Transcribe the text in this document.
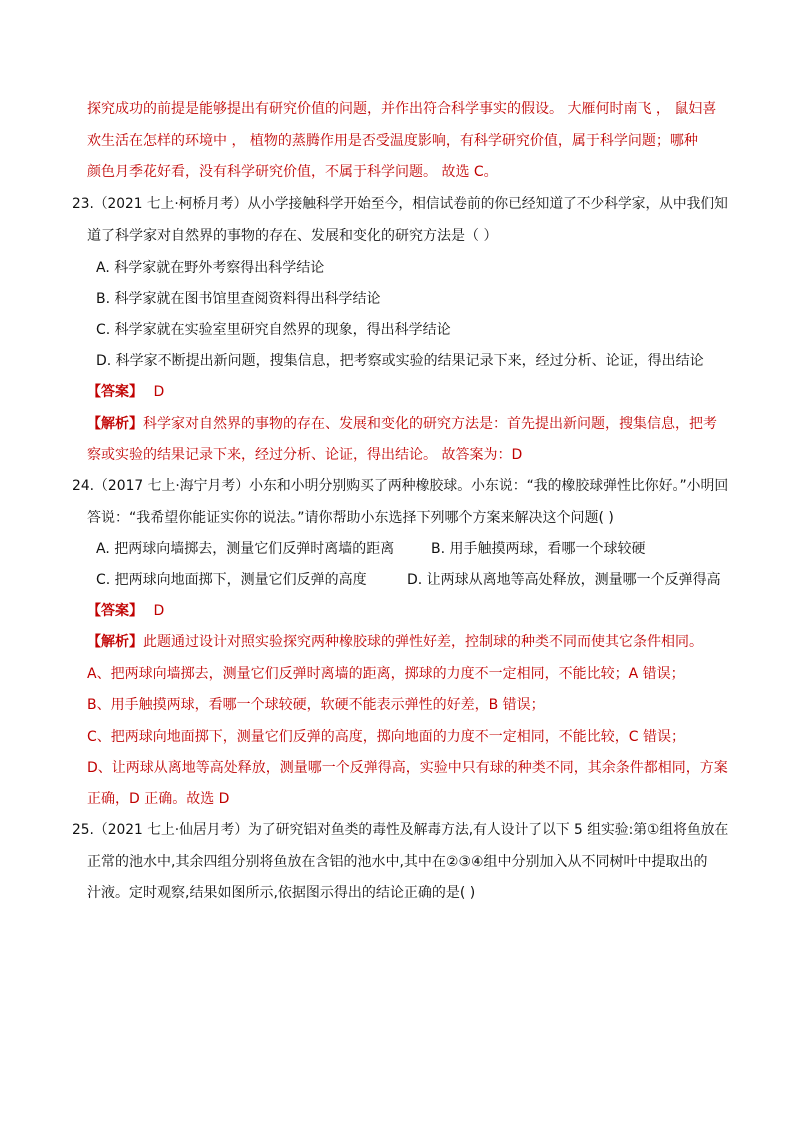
探究成功的前提是能够提出有研究价值的问题，并作出符合科学事实的假设。 大雁何时南飞 ， 鼠妇喜
欢生活在怎样的环境中 ， 植物的蒸腾作用是否受温度影响，有科学研究价值，属于科学问题；哪种
颜色月季花好看，没有科学研究价值，不属于科学问题。 故选 C。
23.（2021 七上·柯桥月考）从小学接触科学开始至今，相信试卷前的你已经知道了不少科学家，从中我们知
道了科学家对自然界的事物的存在、发展和变化的研究方法是（ ）
A. 科学家就在野外考察得出科学结论
B. 科学家就在图书馆里查阅资料得出科学结论
C. 科学家就在实验室里研究自然界的现象，得出科学结论
D. 科学家不断提出新问题，搜集信息，把考察或实验的结果记录下来，经过分析、论证，得出结论
【答案】 D
【解析】科学家对自然界的事物的存在、发展和变化的研究方法是：首先提出新问题，搜集信息，把考
察或实验的结果记录下来，经过分析、论证，得出结论。 故答案为：D
24.（2017 七上·海宁月考）小东和小明分别购买了两种橡胶球。小东说：“我的橡胶球弹性比你好。”小明回
答说：“我希望你能证实你的说法。”请你帮助小东选择下列哪个方案来解决这个问题( )
A. 把两球向墙掷去，测量它们反弹时离墙的距离	B. 用手触摸两球，看哪一个球较硬
C. 把两球向地面掷下，测量它们反弹的高度	D. 让两球从离地等高处释放，测量哪一个反弹得高
【答案】 D
【解析】此题通过设计对照实验探究两种橡胶球的弹性好差，控制球的种类不同而使其它条件相同。
A、把两球向墙掷去，测量它们反弹时离墙的距离，掷球的力度不一定相同，不能比较；A 错误；
B、用手触摸两球，看哪一个球较硬，软硬不能表示弹性的好差，B 错误；
C、把两球向地面掷下，测量它们反弹的高度，掷向地面的力度不一定相同，不能比较，C 错误；
D、让两球从离地等高处释放，测量哪一个反弹得高，实验中只有球的种类不同，其余条件都相同，方案
正确，D 正确。故选 D
25.（2021 七上·仙居月考）为了研究铝对鱼类的毒性及解毒方法,有人设计了以下 5 组实验:第①组将鱼放在
正常的池水中,其余四组分别将鱼放在含铝的池水中,其中在②③④组中分别加入从不同树叶中提取出的
汁液。定时观察,结果如图所示,依据图示得出的结论正确的是( )
